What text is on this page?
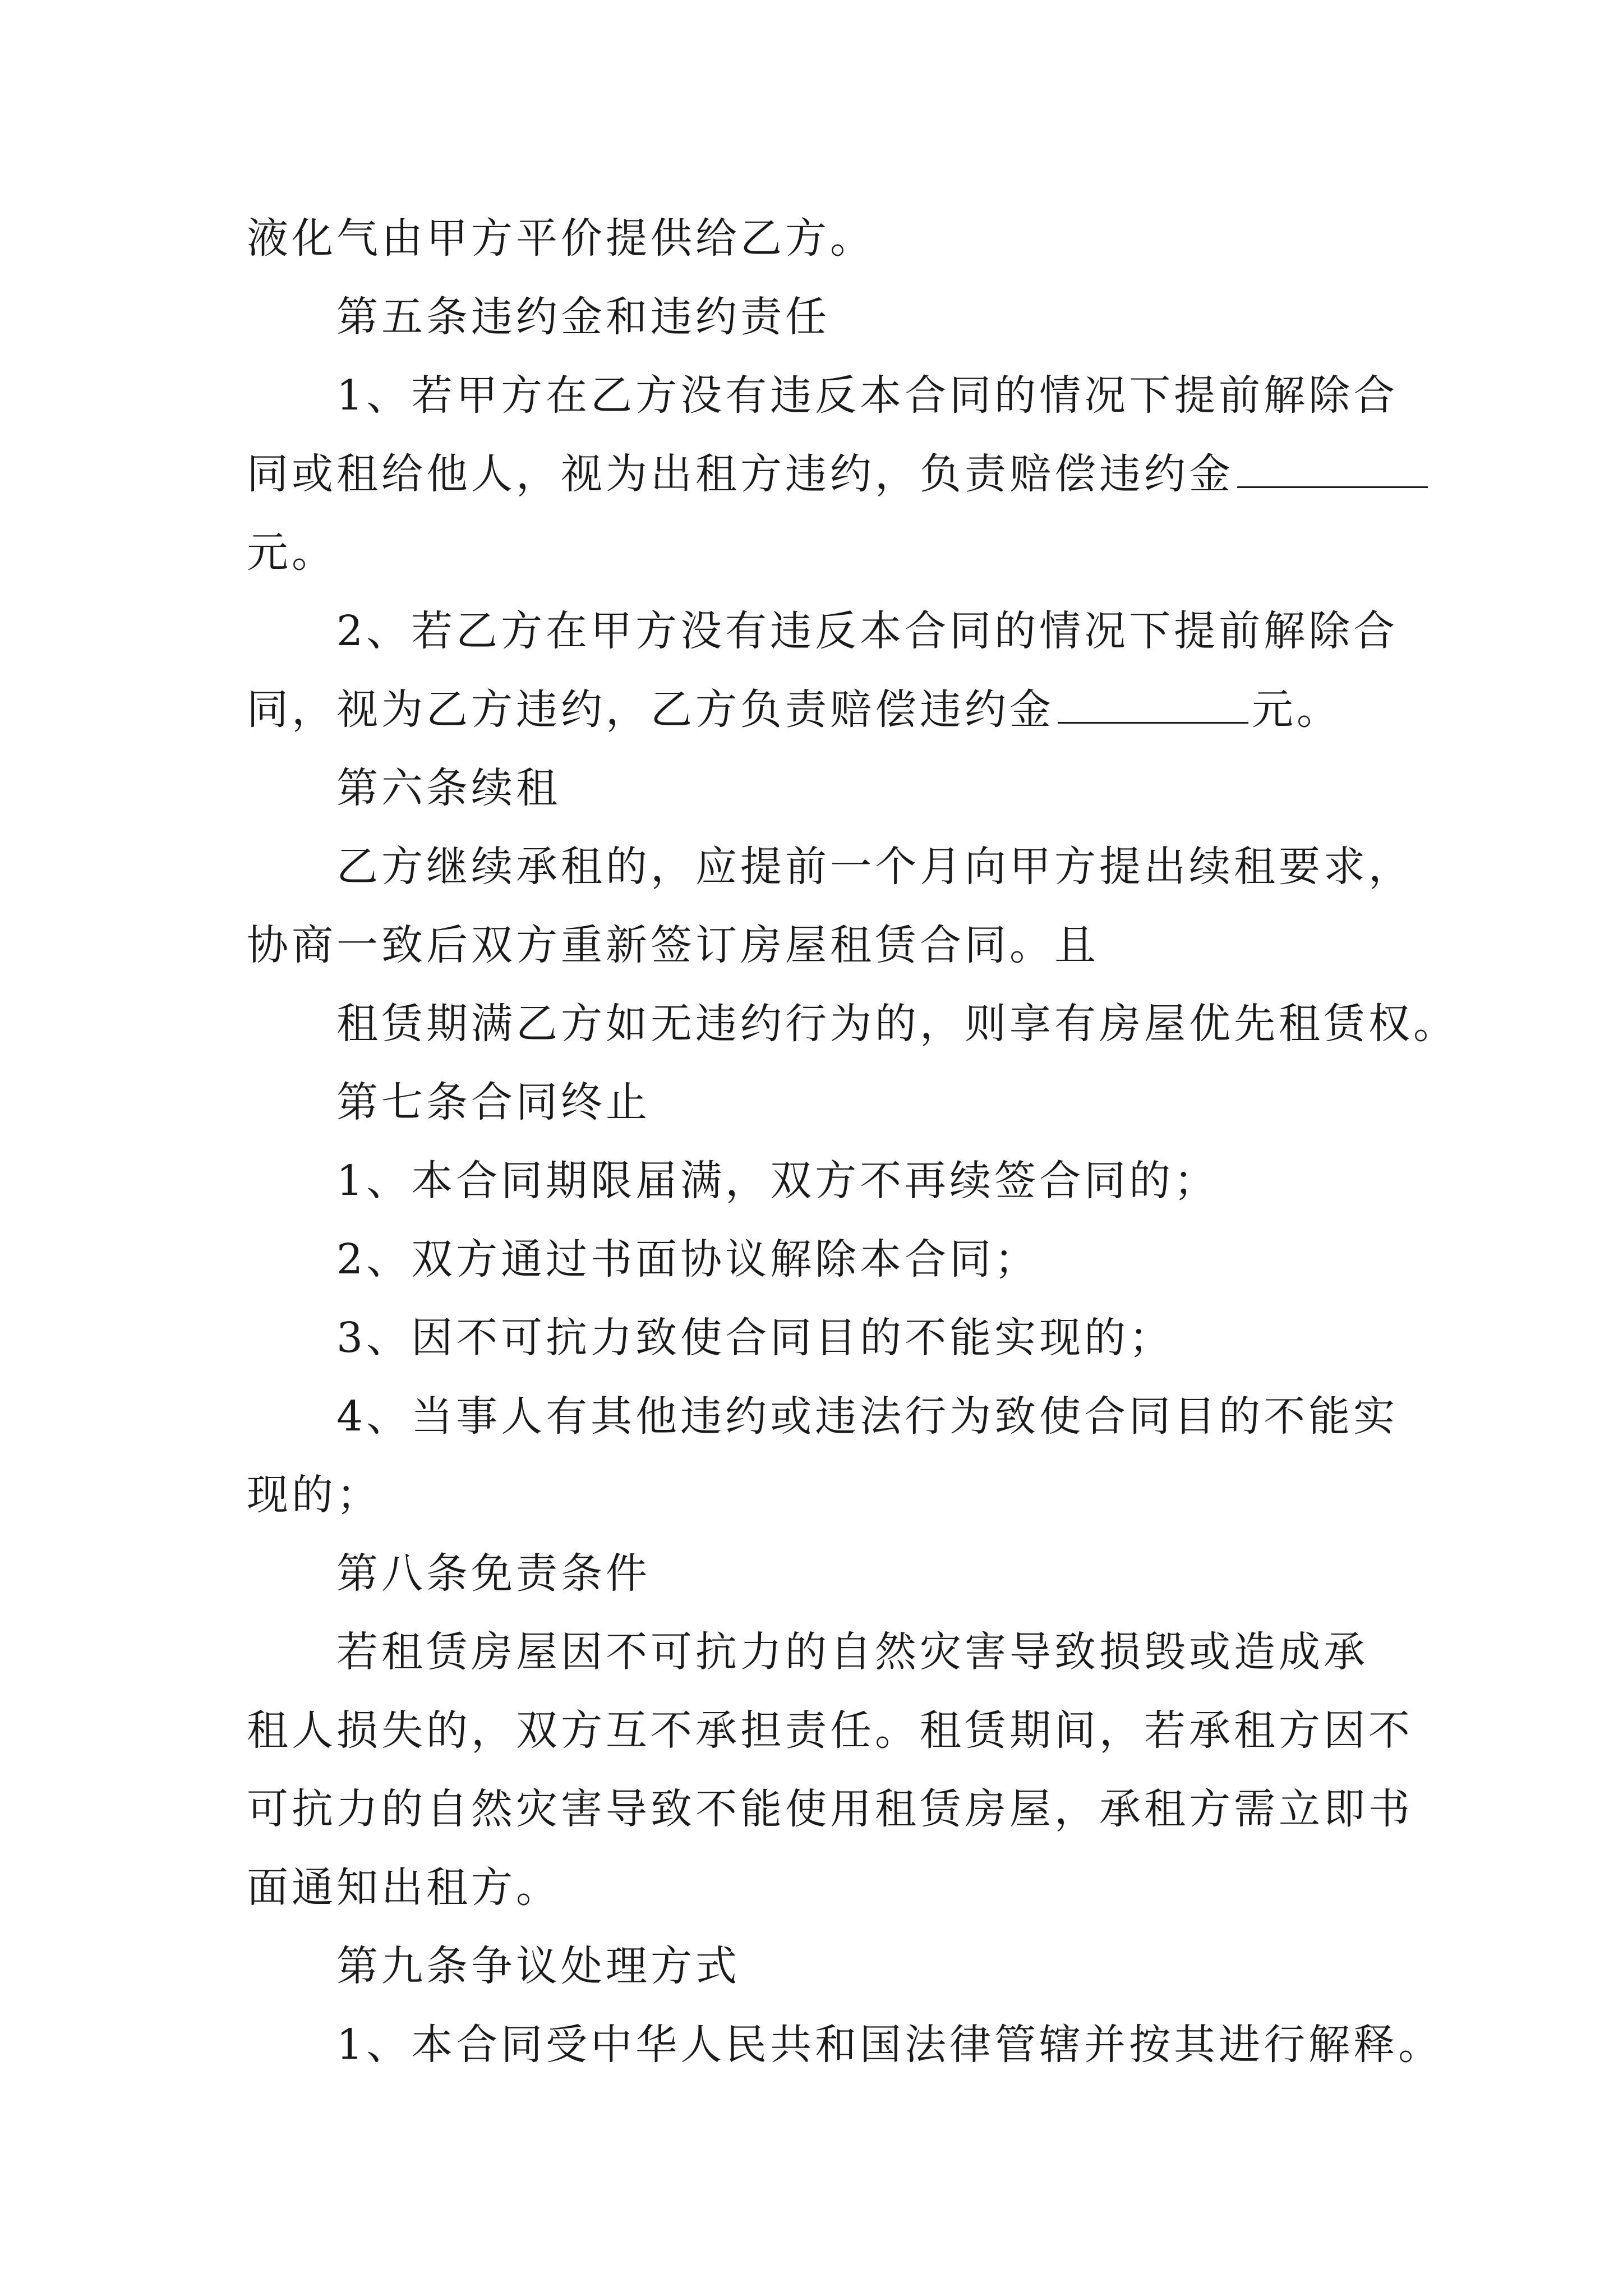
液化气由甲方平价提供给乙方。
第五条违约金和违约责任
1、若甲方在乙方没有违反本合同的情况下提前解除合
同或租给他人，视为出租方违约，负责赔偿违约金
元。
2、若乙方在甲方没有违反本合同的情况下提前解除合
同，视为乙方违约，乙方负责赔偿违约金	元。
第六条续租
乙方继续承租的，应提前一个月向甲方提出续租要求，
协商一致后双方重新签订房屋租赁合同。且
租赁期满乙方如无违约行为的，则享有房屋优先租赁权。
第七条合同终止
1、本合同期限届满，双方不再续签合同的；
2、双方通过书面协议解除本合同；
3、因不可抗力致使合同目的不能实现的；
4、当事人有其他违约或违法行为致使合同目的不能实
现的；
第八条免责条件
若租赁房屋因不可抗力的自然灾害导致损毁或造成承
租人损失的，双方互不承担责任。租赁期间，若承租方因不
可抗力的自然灾害导致不能使用租赁房屋，承租方需立即书
面通知出租方。
第九条争议处理方式
1、本合同受中华人民共和国法律管辖并按其进行解释。
